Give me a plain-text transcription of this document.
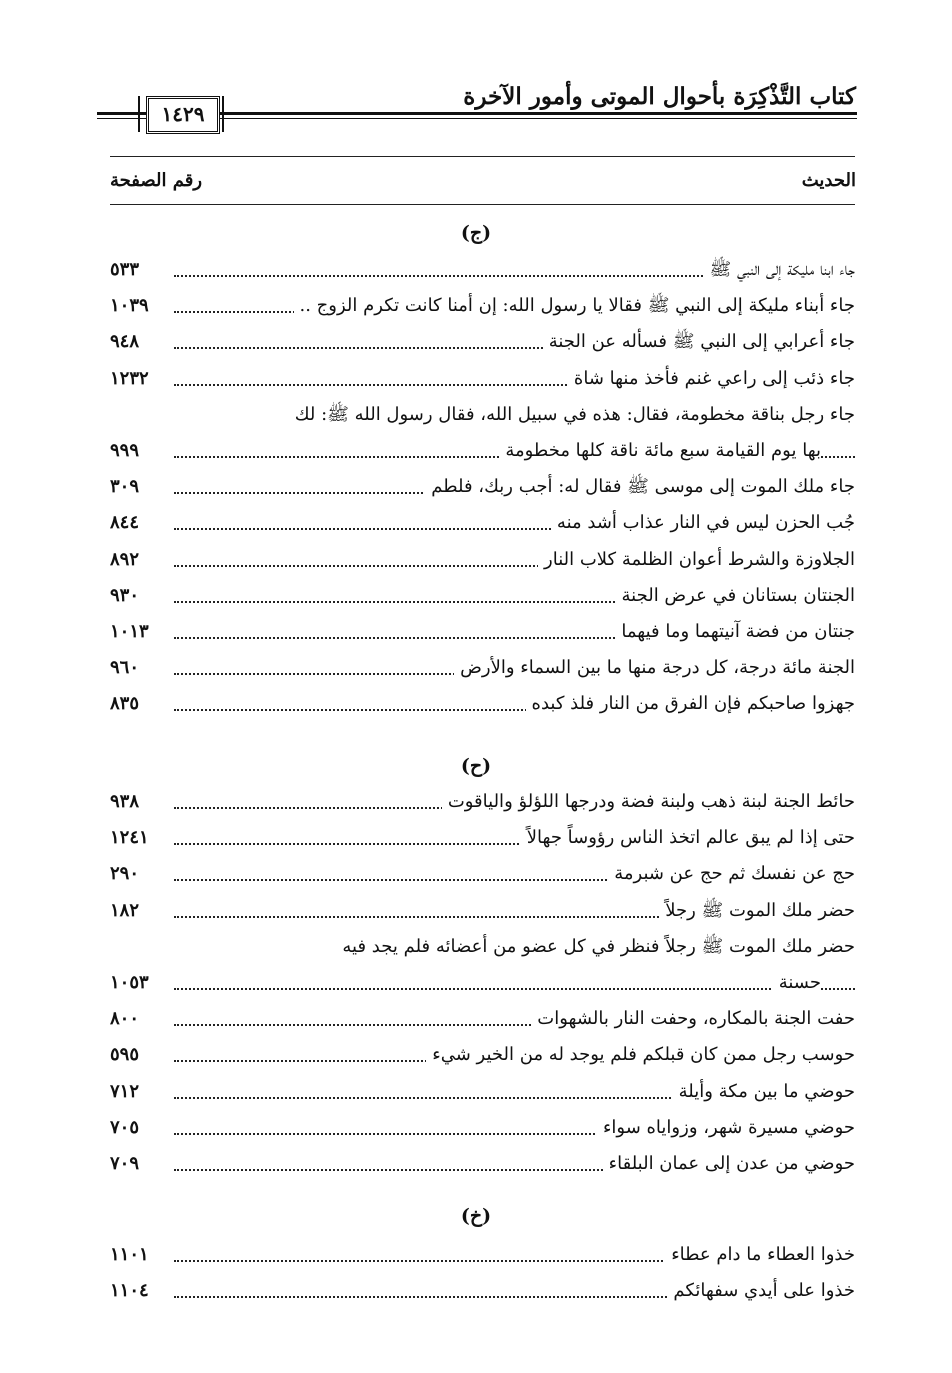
كتاب التَّذْكِرَة بأحوال الموتى وأمور الآخرة
١٤٢٩
الحديث
رقم الصفحة
(ج)
جاء ابنا مليكة إلى النبي ﷺ
٥٣٣
جاء أبناء مليكة إلى النبي ﷺ فقالا يا رسول الله: إن أمنا كانت تكرم الزوج ..
١٠٣٩
جاء أعرابي إلى النبي ﷺ فسأله عن الجنة
٩٤٨
جاء ذئب إلى راعي غنم فأخذ منها شاة
١٢٣٢
جاء رجل بناقة مخطومة، فقال: هذه في سبيل الله، فقال رسول الله ﷺ: لك
بها يوم القيامة سبع مائة ناقة كلها مخطومة
٩٩٩
جاء ملك الموت إلى موسى ﷺ فقال له: أجب ربك، فلطم
٣٠٩
جُب الحزن ليس في النار عذاب أشد منه
٨٤٤
الجلاوزة والشرط أعوان الظلمة كلاب النار
٨٩٢
الجنتان بستانان في عرض الجنة
٩٣٠
جنتان من فضة آنيتهما وما فيهما
١٠١٣
الجنة مائة درجة، كل درجة منها ما بين السماء والأرض
٩٦٠
جهزوا صاحبكم فإن الفرق من النار فلذ كبده
٨٣٥
(ح)
حائط الجنة لبنة ذهب ولبنة فضة ودرجها اللؤلؤ والياقوت
٩٣٨
حتى إذا لم يبق عالم اتخذ الناس رؤوساً جهالاً
١٢٤١
حج عن نفسك ثم حج عن شبرمة
٢٩٠
حضر ملك الموت ﷺ رجلاً
١٨٢
حضر ملك الموت ﷺ رجلاً فنظر في كل عضو من أعضائه فلم يجد فيه
حسنة
١٠٥٣
حفت الجنة بالمكاره، وحفت النار بالشهوات
٨٠٠
حوسب رجل ممن كان قبلكم فلم يوجد له من الخير شيء
٥٩٥
حوضي ما بين مكة وأيلة
٧١٢
حوضي مسيرة شهر، وزواياه سواء
٧٠٥
حوضي من عدن إلى عمان البلقاء
٧٠٩
(خ)
خذوا العطاء ما دام عطاء
١١٠١
خذوا على أيدي سفهائكم
١١٠٤
